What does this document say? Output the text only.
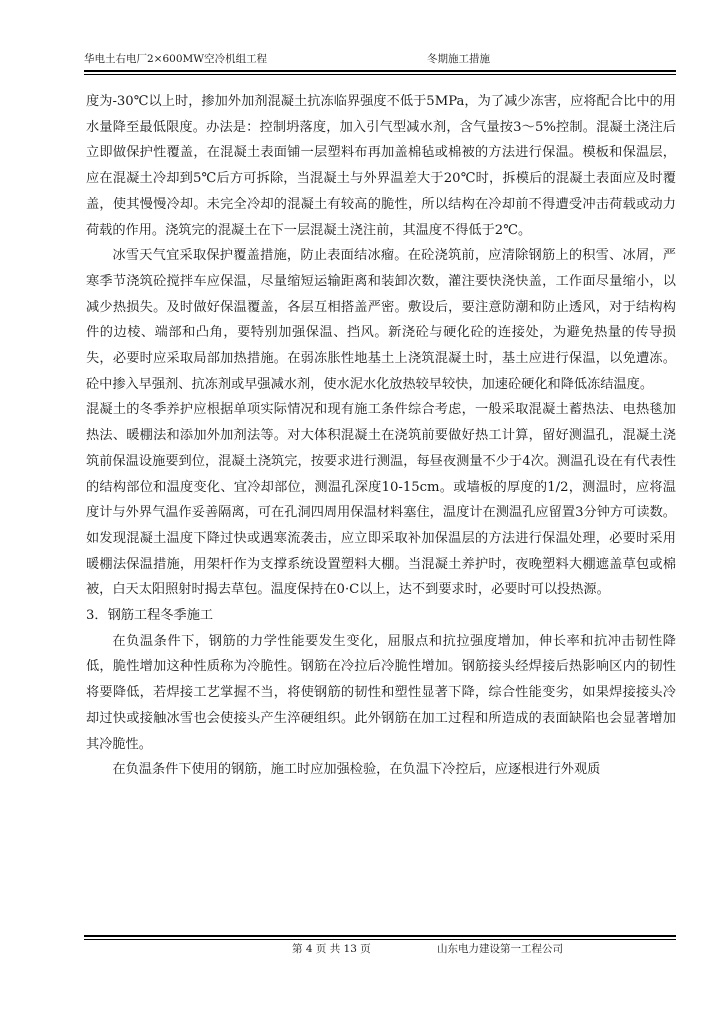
华电土右电厂2×600MW空冷机组工程	冬期施工措施

度为-30℃以上时，掺加外加剂混凝土抗冻临界强度不低于5MPa，为了减少冻害，应将配合比中的用水量降至最低限度。办法是：控制坍落度，加入引气型减水剂，含气量按3～5%控制。混凝土浇注后立即做保护性覆盖，在混凝土表面铺一层塑料布再加盖棉毡或棉被的方法进行保温。模板和保温层，应在混凝土冷却到5℃后方可拆除，当混凝土与外界温差大于20℃时，拆模后的混凝土表面应及时覆盖，使其慢慢冷却。未完全冷却的混凝土有较高的脆性，所以结构在冷却前不得遭受冲击荷载或动力荷载的作用。浇筑完的混凝土在下一层混凝土浇注前，其温度不得低于2℃。

冰雪天气宜采取保护覆盖措施，防止表面结冰瘤。在砼浇筑前，应清除钢筋上的积雪、冰屑，严寒季节浇筑砼搅拌车应保温，尽量缩短运输距离和装卸次数，灌注要快浇快盖，工作面尽量缩小，以减少热损失。及时做好保温覆盖，各层互相搭盖严密。敷设后，要注意防潮和防止透风，对于结构构件的边棱、端部和凸角，要特别加强保温、挡风。新浇砼与硬化砼的连接处，为避免热量的传导损失，必要时应采取局部加热措施。在弱冻胀性地基土上浇筑混凝土时，基土应进行保温，以免遭冻。砼中掺入早强剂、抗冻剂或早强减水剂，使水泥水化放热较早较快，加速砼硬化和降低冻结温度。

混凝土的冬季养护应根据单项实际情况和现有施工条件综合考虑，一般采取混凝土蓄热法、电热毯加热法、暖棚法和添加外加剂法等。对大体积混凝土在浇筑前要做好热工计算，留好测温孔，混凝土浇筑前保温设施要到位，混凝土浇筑完，按要求进行测温，每昼夜测量不少于4次。测温孔设在有代表性的结构部位和温度变化、宜冷却部位，测温孔深度10-15cm。或墙板的厚度的1/2，测温时，应将温度计与外界气温作妥善隔离，可在孔洞四周用保温材料塞住，温度计在测温孔应留置3分钟方可读数。如发现混凝土温度下降过快或遇寒流袭击，应立即采取补加保温层的方法进行保温处理，必要时采用暖棚法保温措施，用架杆作为支撑系统设置塑料大棚。当混凝土养护时，夜晚塑料大棚遮盖草包或棉被，白天太阳照射时揭去草包。温度保持在0·C以上，达不到要求时，必要时可以投热源。

3．钢筋工程冬季施工

在负温条件下，钢筋的力学性能要发生变化，屈服点和抗拉强度增加，伸长率和抗冲击韧性降低，脆性增加这种性质称为冷脆性。钢筋在冷拉后冷脆性增加。钢筋接头经焊接后热影响区内的韧性将要降低，若焊接工艺掌握不当，将使钢筋的韧性和塑性显著下降，综合性能变劣，如果焊接接头冷却过快或接触冰雪也会使接头产生淬硬组织。此外钢筋在加工过程和所造成的表面缺陷也会显著增加其冷脆性。

在负温条件下使用的钢筋，施工时应加强检验，在负温下冷控后，应逐根进行外观质

第 4 页 共 13 页	山东电力建设第一工程公司
